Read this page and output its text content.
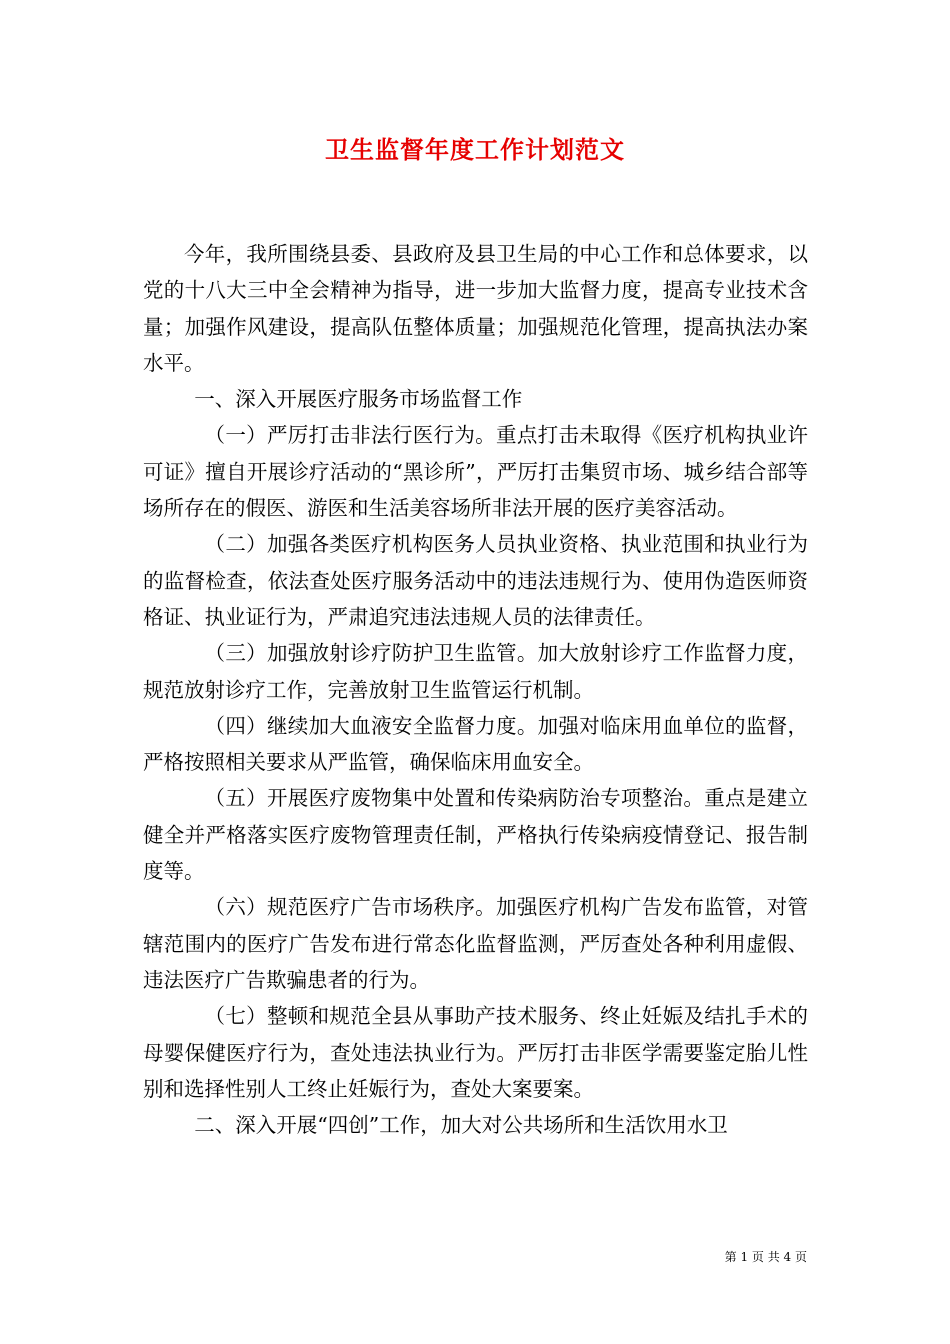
卫生监督年度工作计划范文

今年，我所围绕县委、县政府及县卫生局的中心工作和总体要求，以党的十八大三中全会精神为指导，进一步加大监督力度，提高专业技术含量；加强作风建设，提高队伍整体质量；加强规范化管理，提高执法办案水平。

一、深入开展医疗服务市场监督工作

（一）严厉打击非法行医行为。重点打击未取得《医疗机构执业许可证》擅自开展诊疗活动的“黑诊所”，严厉打击集贸市场、城乡结合部等场所存在的假医、游医和生活美容场所非法开展的医疗美容活动。

（二）加强各类医疗机构医务人员执业资格、执业范围和执业行为的监督检查，依法查处医疗服务活动中的违法违规行为、使用伪造医师资格证、执业证行为，严肃追究违法违规人员的法律责任。

（三）加强放射诊疗防护卫生监管。加大放射诊疗工作监督力度，规范放射诊疗工作，完善放射卫生监管运行机制。

（四）继续加大血液安全监督力度。加强对临床用血单位的监督，严格按照相关要求从严监管，确保临床用血安全。

（五）开展医疗废物集中处置和传染病防治专项整治。重点是建立健全并严格落实医疗废物管理责任制，严格执行传染病疫情登记、报告制度等。

（六）规范医疗广告市场秩序。加强医疗机构广告发布监管，对管辖范围内的医疗广告发布进行常态化监督监测，严厉查处各种利用虚假、违法医疗广告欺骗患者的行为。

（七）整顿和规范全县从事助产技术服务、终止妊娠及结扎手术的母婴保健医疗行为，查处违法执业行为。严厉打击非医学需要鉴定胎儿性别和选择性别人工终止妊娠行为，查处大案要案。

二、深入开展“四创”工作，加大对公共场所和生活饮用水卫

第 1 页 共 4 页
